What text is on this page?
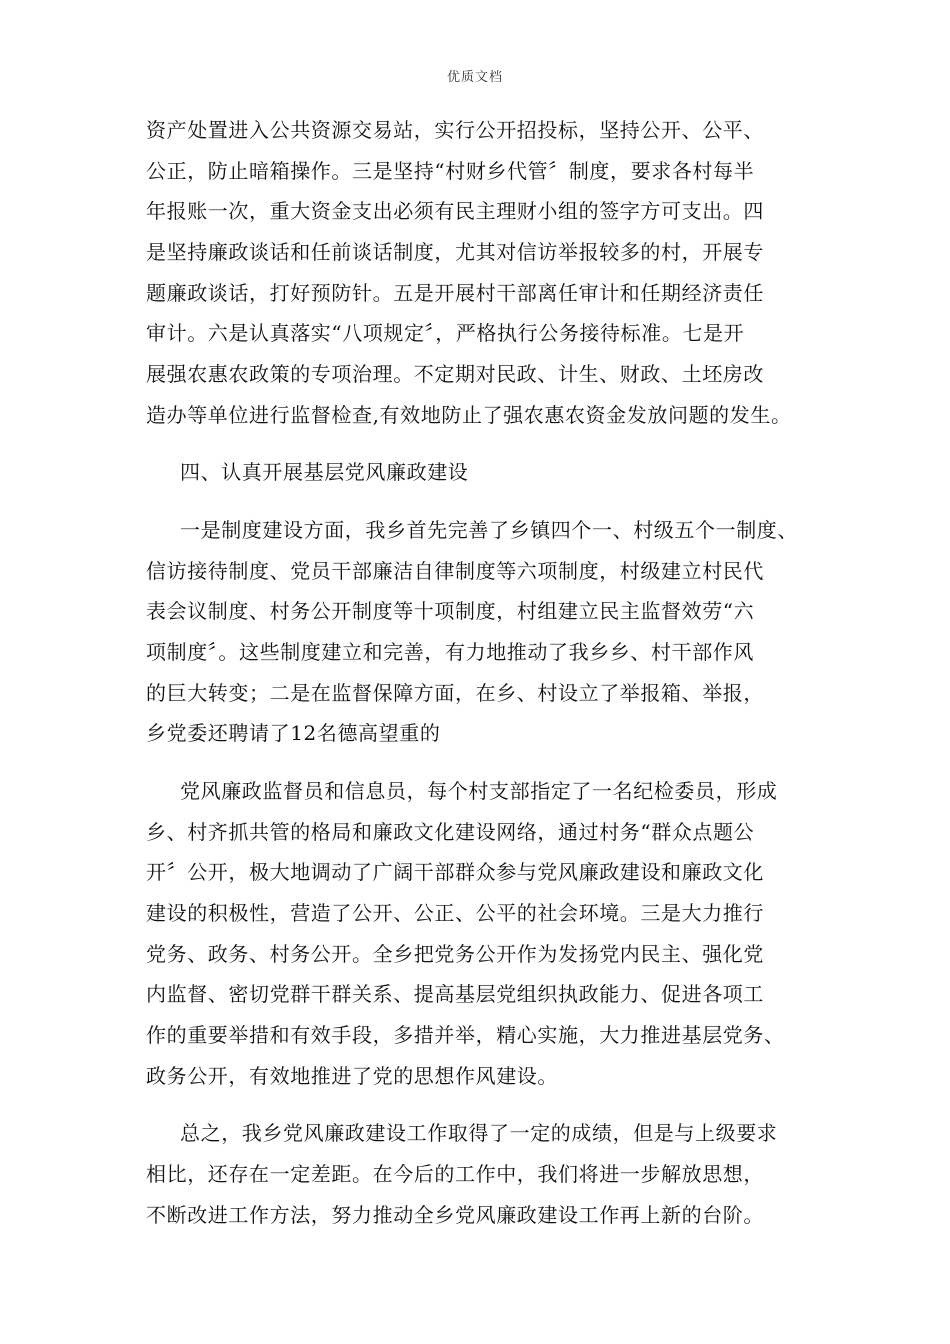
优质文档
资产处置进入公共资源交易站，实行公开招投标，坚持公开、公平、
公正，防止暗箱操作。三是坚持“村财乡代管〞制度，要求各村每半
年报账一次，重大资金支出必须有民主理财小组的签字方可支出。四
是坚持廉政谈话和任前谈话制度，尤其对信访举报较多的村，开展专
题廉政谈话，打好预防针。五是开展村干部离任审计和任期经济责任
审计。六是认真落实“八项规定〞，严格执行公务接待标准。七是开
展强农惠农政策的专项治理。不定期对民政、计生、财政、土坯房改
造办等单位进行监督检查,有效地防止了强农惠农资金发放问题的发生。
四、认真开展基层党风廉政建设
一是制度建设方面，我乡首先完善了乡镇四个一、村级五个一制度、
信访接待制度、党员干部廉洁自律制度等六项制度，村级建立村民代
表会议制度、村务公开制度等十项制度，村组建立民主监督效劳“六
项制度〞。这些制度建立和完善，有力地推动了我乡乡、村干部作风
的巨大转变；二是在监督保障方面，在乡、村设立了举报箱、举报，
乡党委还聘请了12名德高望重的
党风廉政监督员和信息员，每个村支部指定了一名纪检委员，形成
乡、村齐抓共管的格局和廉政文化建设网络，通过村务“群众点题公
开〞公开，极大地调动了广阔干部群众参与党风廉政建设和廉政文化
建设的积极性，营造了公开、公正、公平的社会环境。三是大力推行
党务、政务、村务公开。全乡把党务公开作为发扬党内民主、强化党
内监督、密切党群干群关系、提高基层党组织执政能力、促进各项工
作的重要举措和有效手段，多措并举，精心实施，大力推进基层党务、
政务公开，有效地推进了党的思想作风建设。
总之，我乡党风廉政建设工作取得了一定的成绩，但是与上级要求
相比，还存在一定差距。在今后的工作中，我们将进一步解放思想，
不断改进工作方法，努力推动全乡党风廉政建设工作再上新的台阶。
